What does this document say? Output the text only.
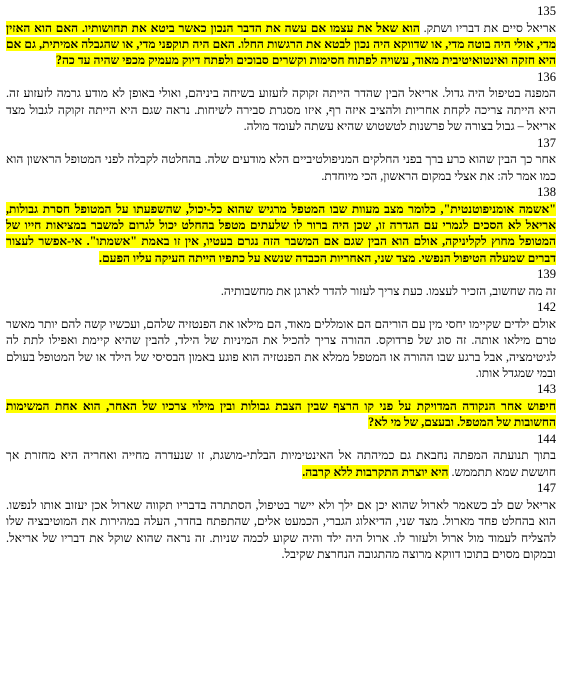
135

אריאל סיים את דבריו ושתק. הוא שאל את עצמו אם עשה את הדבר הנכון כאשר ביטא את תחושותיו. האם הוא האזין מדי, אולי היה בוטה מדי, או שדווקא היה נכון לבטא את הרגשות החלו. האם היה תוקפני מדי, או שהגבלה אמיתית, גם אם היא חזקה ואינטואיטיבית מאוד, עשויה לפתוח חסימות וקשרים סבוכים ולפתח דיוק מעמיק מכפי שהיה עד כה?

136

המפנה בטיפול היה גדול. אריאל הבין שהדר הייתה זקוקה לזעזוע בשיחה ביניהם, ואולי באופן לא מודע גרמה לזעזוע זה. היא הייתה צריכה לקחת אחריות ולהציב איזה רף, איזו מסגרת סבירה לשיחות. נראה שגם היא הייתה זקוקה לגבול מצד אריאל – גבול בצורה של פרשנות לטשטוש שהיא עשתה לעומד מולה.

137

אחר כך הבין שהוא כרע ברך בפני החלקים המניפולטיביים הלא מודעים שלה. בהחלטה לקבלה לפני המטופל הראשון הוא כמו אמר לה: את אצלי במקום הראשון, הכי מיוחדת.

138

"אשמה אומניפוטנטית", כלומר מצב מעוות שבו המטפל מרגיש שהוא כל-יכול, שהשפעתו על המטופל חסרת גבולות, אריאל לא הסכים לגמרי עם הגדרה זו, שכן היה ברור לו שלעתים מטפל בהחלט יכול לגרום למשבר במציאות חייו של המטופל מחוץ לקליניקה, אולם הוא הבין שגם אם המשבר הזה נגרם בעטיו, אין זו באמת "אשמתו". אי-אפשר לעצור דברים שמעלה הטיפול הנפשי. מצד שני, האחריות הכבדה שנשא על כתפיו הייתה העיקה עליו הפעם.

139

זה מה שחשוב, הזכיר לעצמו. כעת צריך לעזור להדר לארגן את מחשבותיה.

142

אולם ילדים שקיימו יחסי מין עם הוריהם הם אומללים מאוד, הם מילאו את הפנטזיה שלהם, ועכשיו קשה להם יותר מאשר טרם מילאו אותה. זה סוג של פרדוקס. ההורה צריך להכיל את המיניות של הילד, להבין שהיא קיימת ואפילו לתת לה לגיטימציה, אבל ברגע שבו ההורה או המטפל ממלא את הפנטזיה הוא פוגע באמון הבסיסי של הילד או של המטופל בעולם ובמי שמגדל אותו.

143

חיפוש אחר הנקודה המדויקת על פני קו הרצף שבין הצבת גבולות ובין מילוי צרכיו של האחר, הוא אחת המשימות החשובות של המטפל. ובעצם, של מי לא?

144

בתוך תנועתה המפתה נחבאת גם כמיהתה אל האינטימיות הבלתי-מושגת, זו שנעדרה מחייה ואחריה היא מחזרת אך חוששת שמא תתממש. היא יוצרת התקרבות ללא קרבה.

147

אריאל שם לב כשאמר לארול שהוא יכן אם ילך ולא יישר בטיפול, הסתתרה בדבריו תקווה שארול אכן יעזוב אותו לנפשו. הוא בהחלט פחד מארול. מצד שני, הדיאלוג הגברי, הכמעט אלים, שהתפתח בחדר, העלה במהירות את המוטיבציה שלו להצליח לעמוד מול ארול ולעזור לו. ארול היה ילד והיה שקוע לכמה שניות. זה נראה שהוא שוקל את דבריו של אריאל. ובמקום מסוים בתוכו דווקא מרוצה מהתגובה הנחרצת שקיבל.
